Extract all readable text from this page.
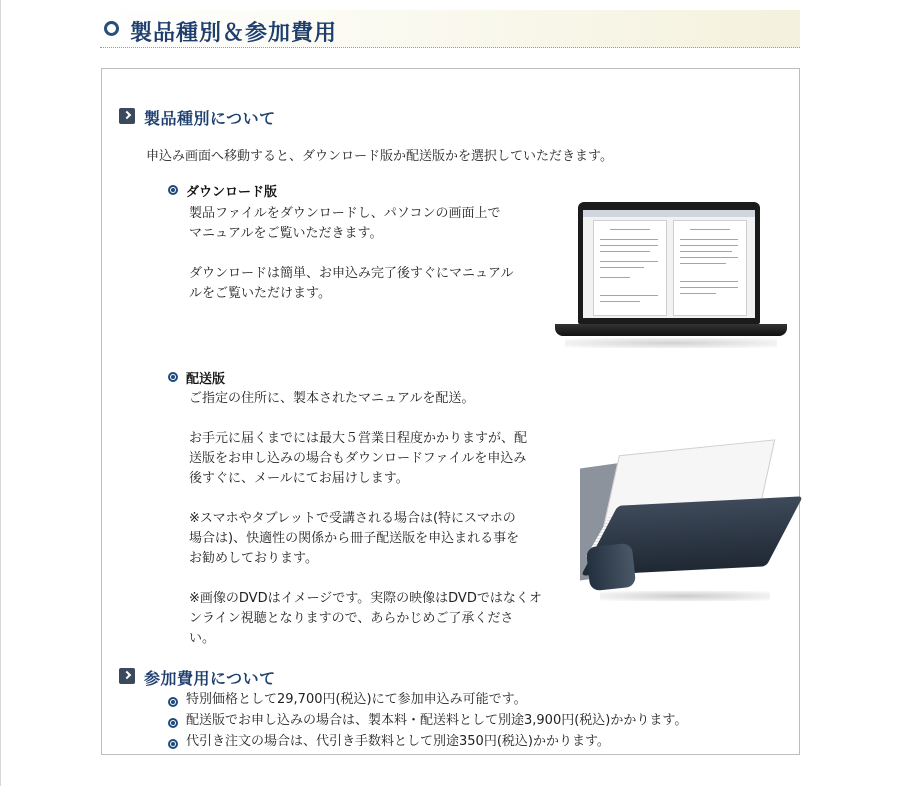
製品種別＆参加費用
製品種別について
申込み画面へ移動すると、ダウンロード版か配送版かを選択していただきます。
ダウンロード版
製品ファイルをダウンロードし、パソコンの画面上で
マニュアルをご覧いただきます。
ダウンロードは簡単、お申込み完了後すぐにマニュアル
ルをご覧いただけます。
配送版
ご指定の住所に、製本されたマニュアルを配送。
お手元に届くまでには最大５営業日程度かかりますが、配
送版をお申し込みの場合もダウンロードファイルを申込み
後すぐに、メールにてお届けします。
※スマホやタブレットで受講される場合は(特にスマホの
場合は)、快適性の関係から冊子配送版を申込まれる事を
お勧めしております。
※画像のDVDはイメージです。実際の映像はDVDではなくオ
ンライン視聴となりますので、あらかじめご了承くださ
い。
参加費用について
特別価格として29,700円(税込)にて参加申込み可能です。
配送版でお申し込みの場合は、製本料・配送料として別途3,900円(税込)かかります。
代引き注文の場合は、代引き手数料として別途350円(税込)かかります。
